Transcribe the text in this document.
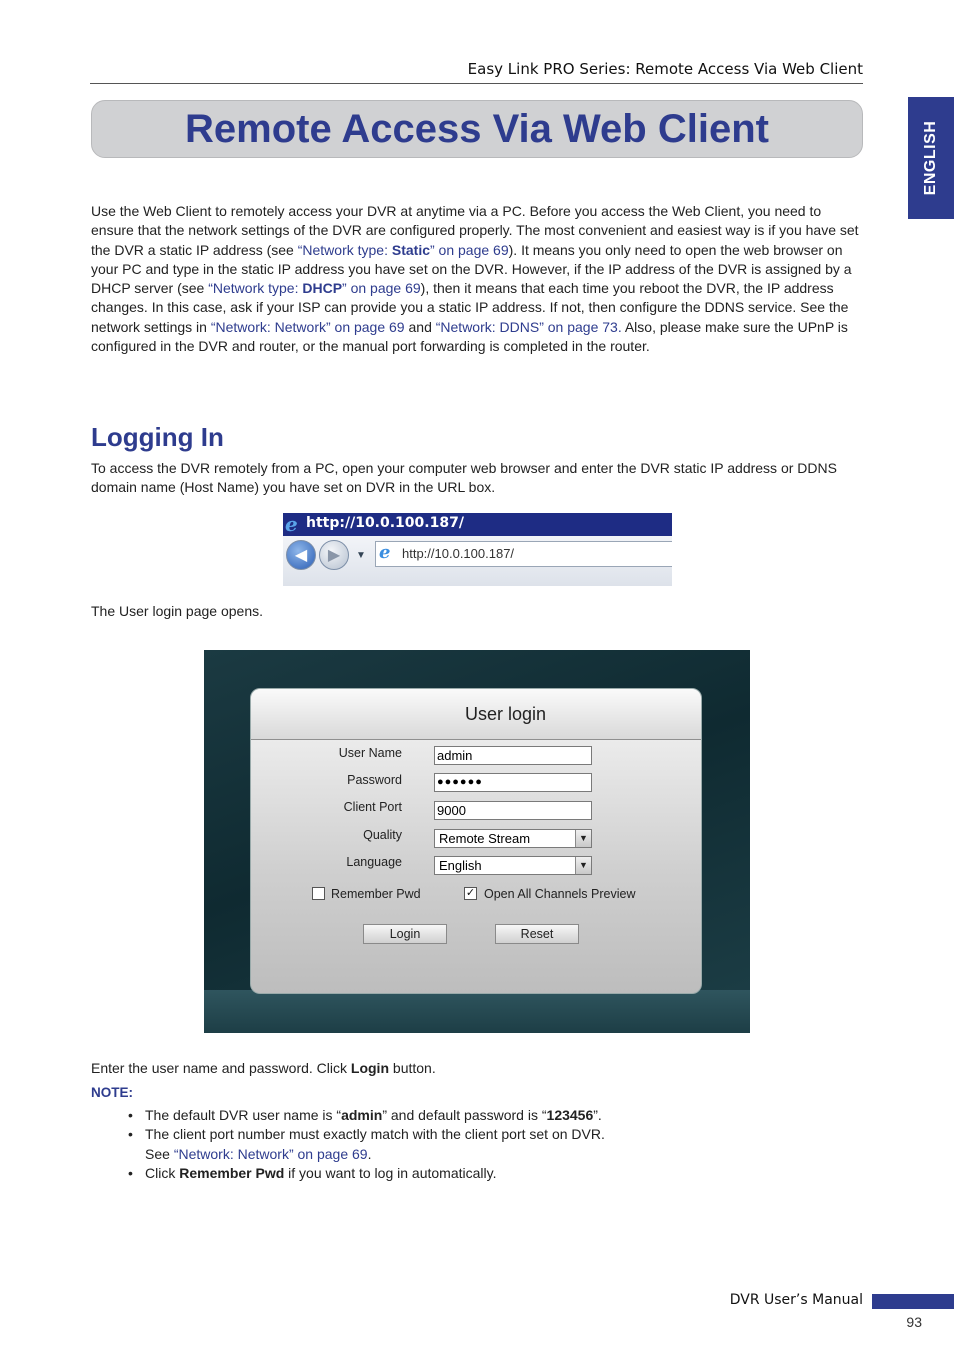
Easy Link PRO Series: Remote Access Via Web Client
ENGLISH
Remote Access Via Web Client
Use the Web Client to remotely access your DVR at anytime via a PC. Before you access the Web Client, you need to ensure that the network settings of the DVR are configured properly. The most convenient and easiest way is if you have set the DVR a static IP address (see “Network type: Static” on page 69). It means you only need to open the web browser on your PC and type in the static IP address you have set on the DVR. However, if the IP address of the DVR is assigned by a DHCP server (see “Network type: DHCP” on page 69), then it means that each time you reboot the DVR, the IP address changes. In this case, ask if your ISP can provide you a static IP address. If not, then configure the DDNS service. See the network settings in “Network: Network” on page 69 and “Network: DDNS” on page 73. Also, please make sure the UPnP is configured in the DVR and router, or the manual port forwarding is completed in the router.
Logging In
To access the DVR remotely from a PC, open your computer web browser and enter the DVR static IP address or DDNS domain name (Host Name) you have set on DVR in the URL box.
e http://10.0.100.187/
◀	▶	▼ e http://10.0.100.187/
The User login page opens.
User login
User Name	admin
Password	●●●●●●
Client Port	9000
Quality	Remote Stream	▼
Language	English	▼
Remember Pwd	✓ Open All Channels Preview
Login	Reset
Enter the user name and password. Click Login button.
NOTE:
• The default DVR user name is “admin” and default password is “123456”.
• The client port number must exactly match with the client port set on DVR.
See “Network: Network” on page 69.
• Click Remember Pwd if you want to log in automatically.
DVR User’s Manual
93
